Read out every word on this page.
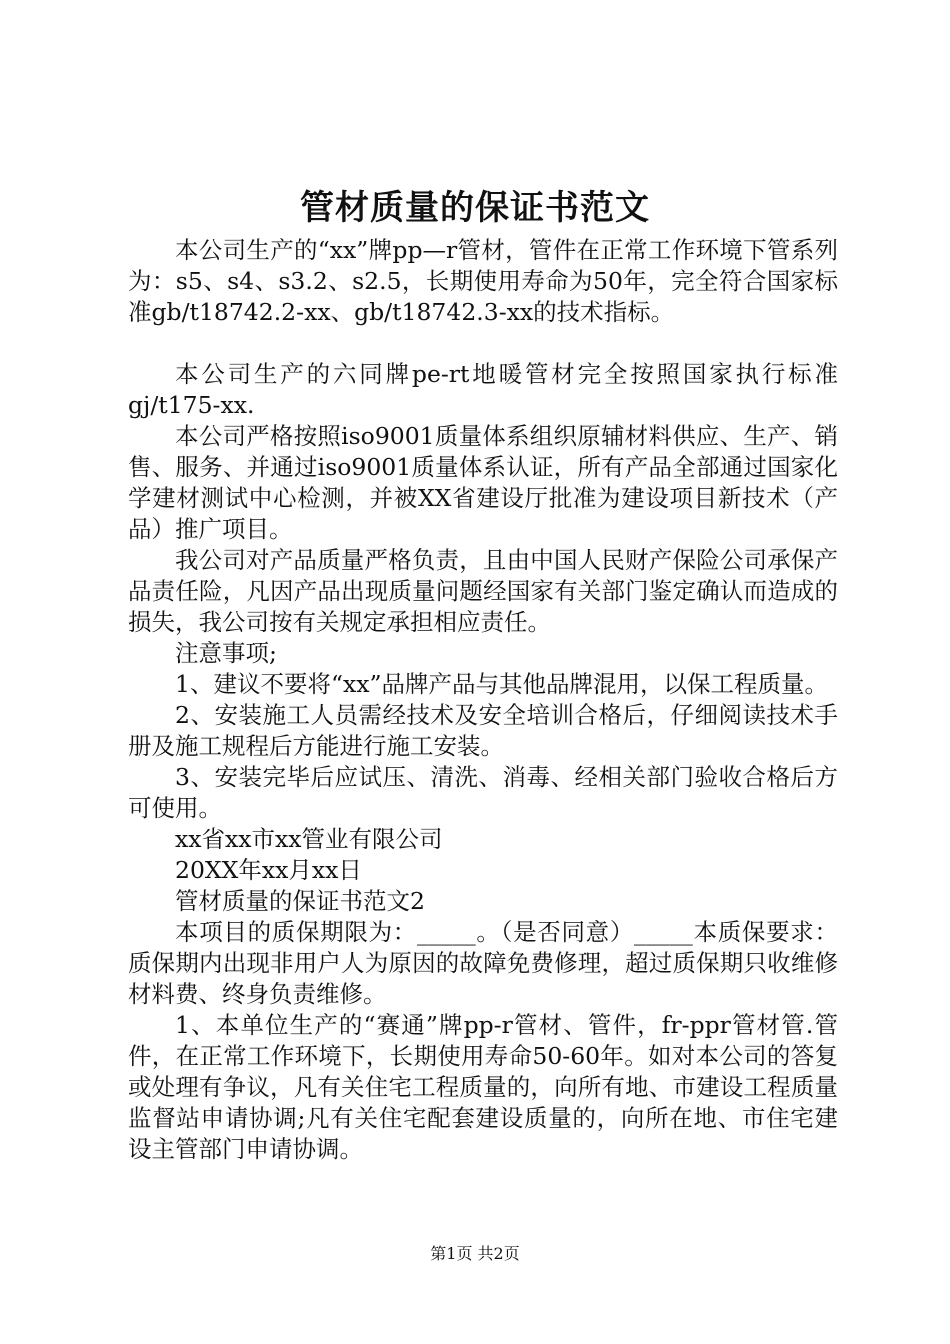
管材质量的保证书范文

本公司生产的“xx”牌pp—r管材，管件在正常工作环境下管系列为：s5、s4、s3.2、s2.5，长期使用寿命为50年，完全符合国家标准gb/t18742.2-xx、gb/t18742.3-xx的技术指标。

本公司生产的六同牌pe-rt地暖管材完全按照国家执行标准gj/t175-xx.

本公司严格按照iso9001质量体系组织原辅材料供应、生产、销售、服务、并通过iso9001质量体系认证，所有产品全部通过国家化学建材测试中心检测，并被XX省建设厅批准为建设项目新技术（产品）推广项目。

我公司对产品质量严格负责，且由中国人民财产保险公司承保产品责任险，凡因产品出现质量问题经国家有关部门鉴定确认而造成的损失，我公司按有关规定承担相应责任。

注意事项;

1、建议不要将“xx”品牌产品与其他品牌混用，以保工程质量。

2、安装施工人员需经技术及安全培训合格后，仔细阅读技术手册及施工规程后方能进行施工安装。

3、安装完毕后应试压、清洗、消毒、经相关部门验收合格后方可使用。

xx省xx市xx管业有限公司

20XX年xx月xx日

管材质量的保证书范文2

本项目的质保期限为：_____。（是否同意）_____本质保要求：质保期内出现非用户人为原因的故障免费修理，超过质保期只收维修材料费、终身负责维修。

1、本单位生产的“赛通”牌pp-r管材、管件，fr-ppr管材管.管件，在正常工作环境下，长期使用寿命50-60年。如对本公司的答复或处理有争议，凡有关住宅工程质量的，向所有地、市建设工程质量监督站申请协调;凡有关住宅配套建设质量的，向所在地、市住宅建设主管部门申请协调。

第1页 共2页
